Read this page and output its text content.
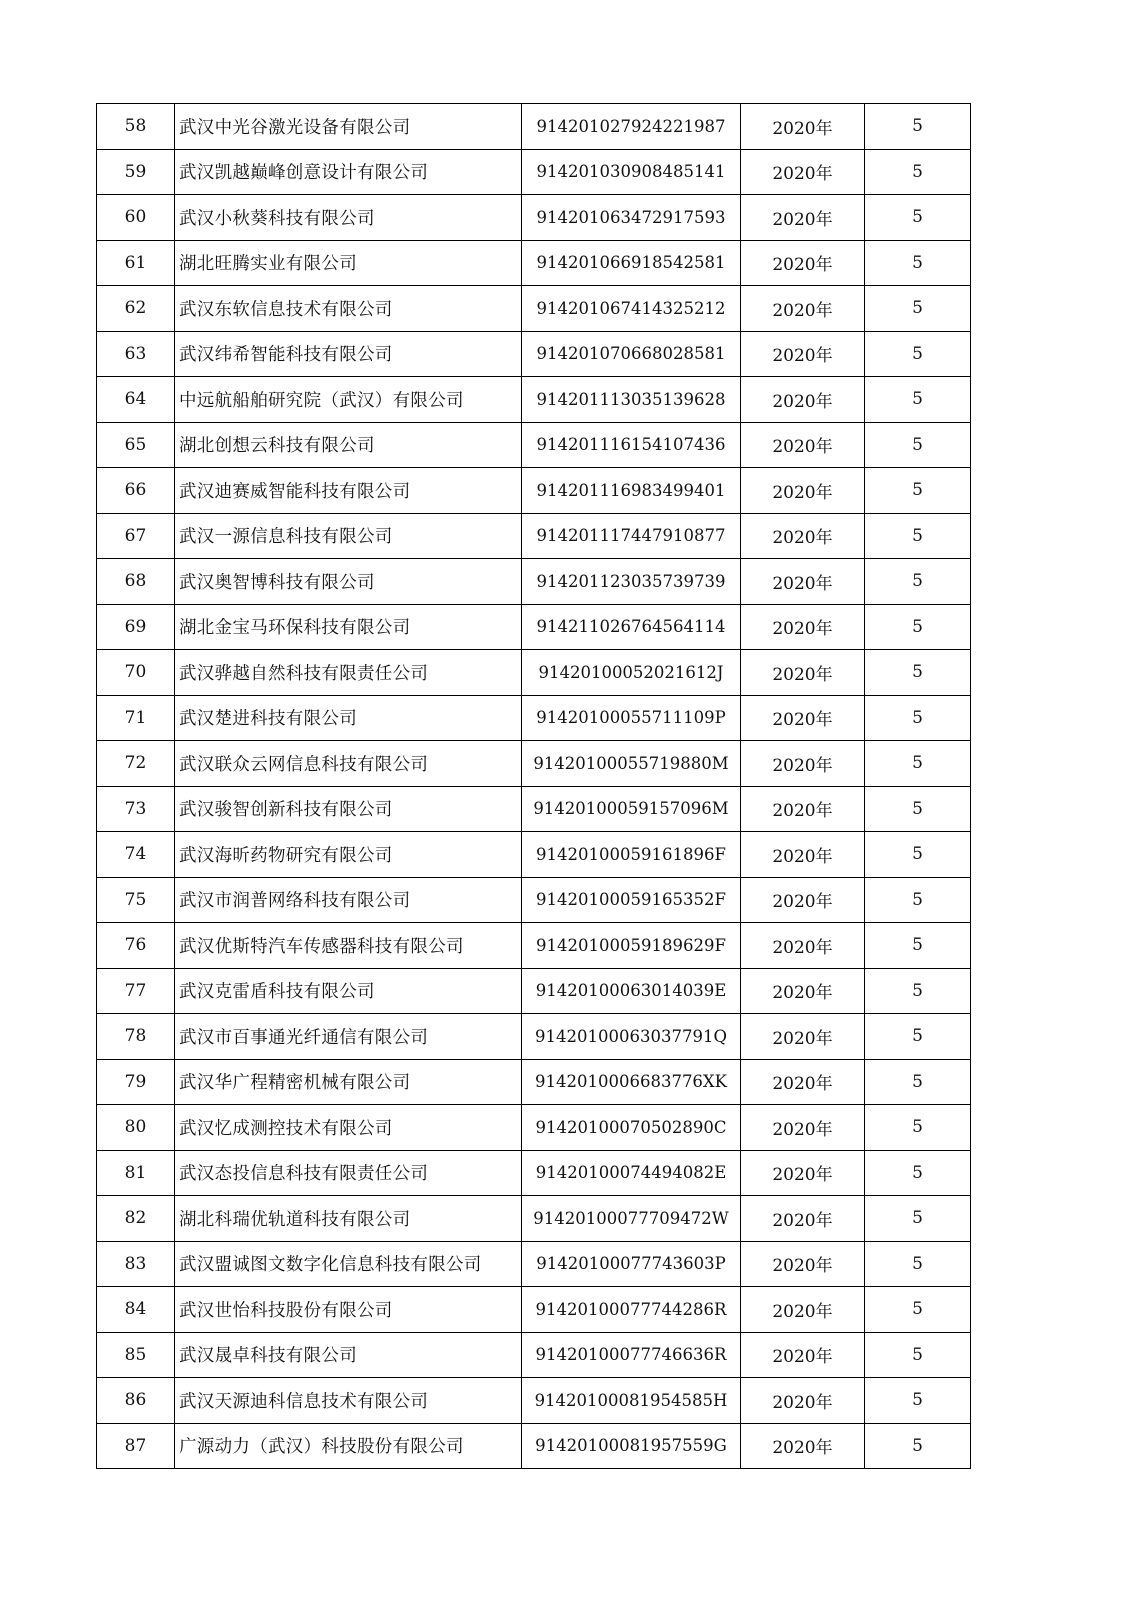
58	武汉中光谷激光设备有限公司	914201027924221987	2020年	5
59	武汉凯越巅峰创意设计有限公司	914201030908485141	2020年	5
60	武汉小秋葵科技有限公司	914201063472917593	2020年	5
61	湖北旺腾实业有限公司	914201066918542581	2020年	5
62	武汉东软信息技术有限公司	914201067414325212	2020年	5
63	武汉纬希智能科技有限公司	914201070668028581	2020年	5
64	中远航船舶研究院（武汉）有限公司	914201113035139628	2020年	5
65	湖北创想云科技有限公司	914201116154107436	2020年	5
66	武汉迪赛威智能科技有限公司	914201116983499401	2020年	5
67	武汉一源信息科技有限公司	914201117447910877	2020年	5
68	武汉奥智博科技有限公司	914201123035739739	2020年	5
69	湖北金宝马环保科技有限公司	914211026764564114	2020年	5
70	武汉骅越自然科技有限责任公司	91420100052021612J	2020年	5
71	武汉楚进科技有限公司	91420100055711109P	2020年	5
72	武汉联众云网信息科技有限公司	91420100055719880M	2020年	5
73	武汉骏智创新科技有限公司	91420100059157096M	2020年	5
74	武汉海昕药物研究有限公司	91420100059161896F	2020年	5
75	武汉市润普网络科技有限公司	91420100059165352F	2020年	5
76	武汉优斯特汽车传感器科技有限公司	91420100059189629F	2020年	5
77	武汉克雷盾科技有限公司	91420100063014039E	2020年	5
78	武汉市百事通光纤通信有限公司	91420100063037791Q	2020年	5
79	武汉华广程精密机械有限公司	9142010006683776XK	2020年	5
80	武汉忆成测控技术有限公司	91420100070502890C	2020年	5
81	武汉态投信息科技有限责任公司	91420100074494082E	2020年	5
82	湖北科瑞优轨道科技有限公司	91420100077709472W	2020年	5
83	武汉盟诚图文数字化信息科技有限公司	91420100077743603P	2020年	5
84	武汉世怡科技股份有限公司	91420100077744286R	2020年	5
85	武汉晟卓科技有限公司	91420100077746636R	2020年	5
86	武汉天源迪科信息技术有限公司	91420100081954585H	2020年	5
87	广源动力（武汉）科技股份有限公司	91420100081957559G	2020年	5
